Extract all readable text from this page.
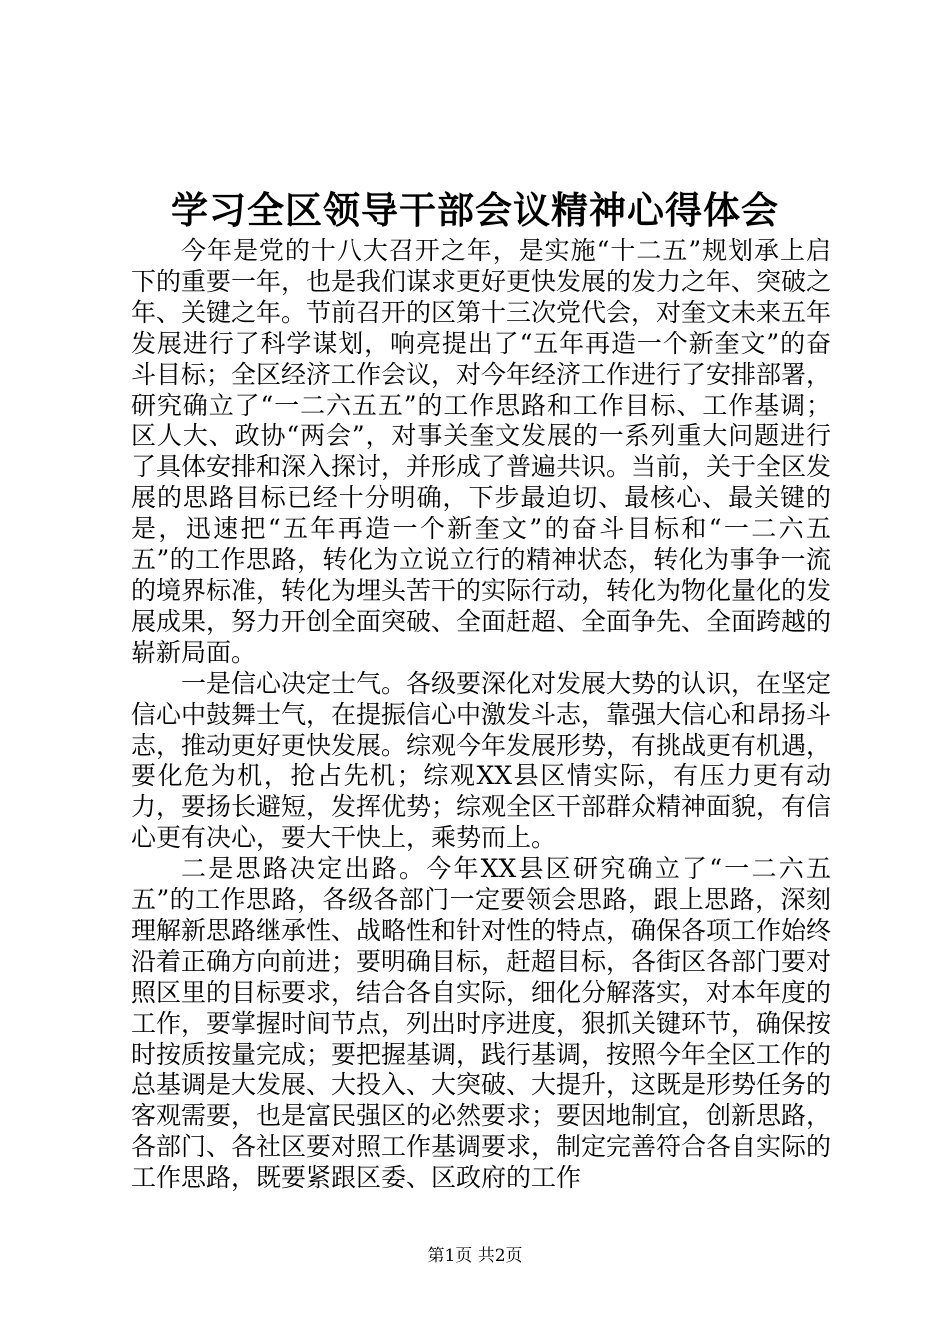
学习全区领导干部会议精神心得体会

今年是党的十八大召开之年，是实施“十二五”规划承上启下的重要一年，也是我们谋求更好更快发展的发力之年、突破之年、关键之年。节前召开的区第十三次党代会，对奎文未来五年发展进行了科学谋划，响亮提出了“五年再造一个新奎文”的奋斗目标；全区经济工作会议，对今年经济工作进行了安排部署，研究确立了“一二六五五”的工作思路和工作目标、工作基调；区人大、政协“两会”，对事关奎文发展的一系列重大问题进行了具体安排和深入探讨，并形成了普遍共识。当前，关于全区发展的思路目标已经十分明确，下步最迫切、最核心、最关键的是，迅速把“五年再造一个新奎文”的奋斗目标和“一二六五五”的工作思路，转化为立说立行的精神状态，转化为事争一流的境界标准，转化为埋头苦干的实际行动，转化为物化量化的发展成果，努力开创全面突破、全面赶超、全面争先、全面跨越的崭新局面。

一是信心决定士气。各级要深化对发展大势的认识，在坚定信心中鼓舞士气，在提振信心中激发斗志，靠强大信心和昂扬斗志，推动更好更快发展。综观今年发展形势，有挑战更有机遇，要化危为机，抢占先机；综观XX县区情实际，有压力更有动力，要扬长避短，发挥优势；综观全区干部群众精神面貌，有信心更有决心，要大干快上，乘势而上。

二是思路决定出路。今年XX县区研究确立了“一二六五五”的工作思路，各级各部门一定要领会思路，跟上思路，深刻理解新思路继承性、战略性和针对性的特点，确保各项工作始终沿着正确方向前进；要明确目标，赶超目标，各街区各部门要对照区里的目标要求，结合各自实际，细化分解落实，对本年度的工作，要掌握时间节点，列出时序进度，狠抓关键环节，确保按时按质按量完成；要把握基调，践行基调，按照今年全区工作的总基调是大发展、大投入、大突破、大提升，这既是形势任务的客观需要，也是富民强区的必然要求；要因地制宜，创新思路，各部门、各社区要对照工作基调要求，制定完善符合各自实际的工作思路，既要紧跟区委、区政府的工作

第1页 共2页
